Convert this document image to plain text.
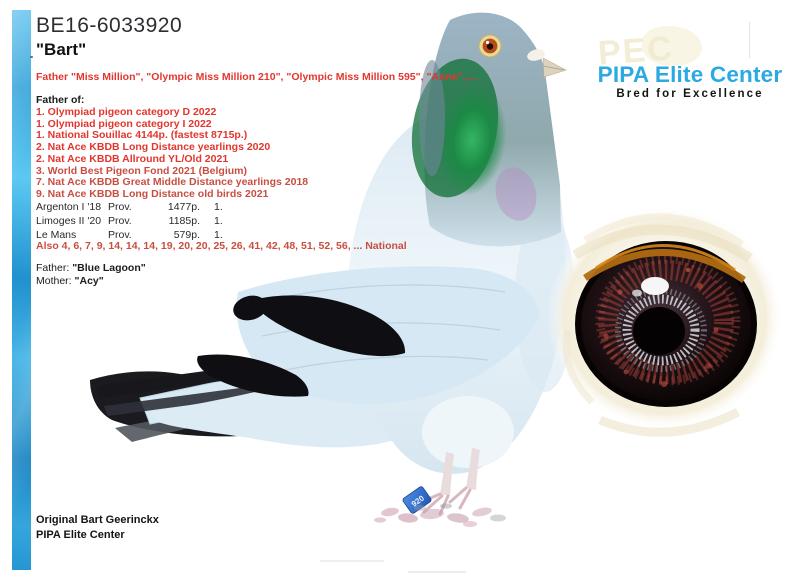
920
BE16-6033920
"Bart"
Father "Miss Million", "Olympic Miss Million 210", "Olympic Miss Million 595", "Anne",....
Father of:
1. Olympiad pigeon category D 2022
1. Olympiad pigeon category I 2022
1. National Souillac 4144p. (fastest 8715p.)
2. Nat Ace KBDB Long Distance yearlings 2020
2. Nat Ace KBDB Allround YL/Old 2021
3. World Best Pigeon Fond 2021 (Belgium)
7. Nat Ace KBDB Great Middle Distance yearlings 2018
9. Nat Ace KBDB Long Distance old birds 2021
Argenton I '18 Prov.	1477p. 1.
Limoges II '20 Prov.	1185p. 1.
Le Mans	Prov.	579p. 1.
Also 4, 6, 7, 9, 14, 14, 14, 19, 20, 20, 25, 26, 41, 42, 48, 51, 52, 56, ... National
Father: "Blue Lagoon"
Mother: "Acy"
Original Bart Geerinckx
PIPA Elite Center
PEC
PIPA Elite Center
Bred for Excellence
